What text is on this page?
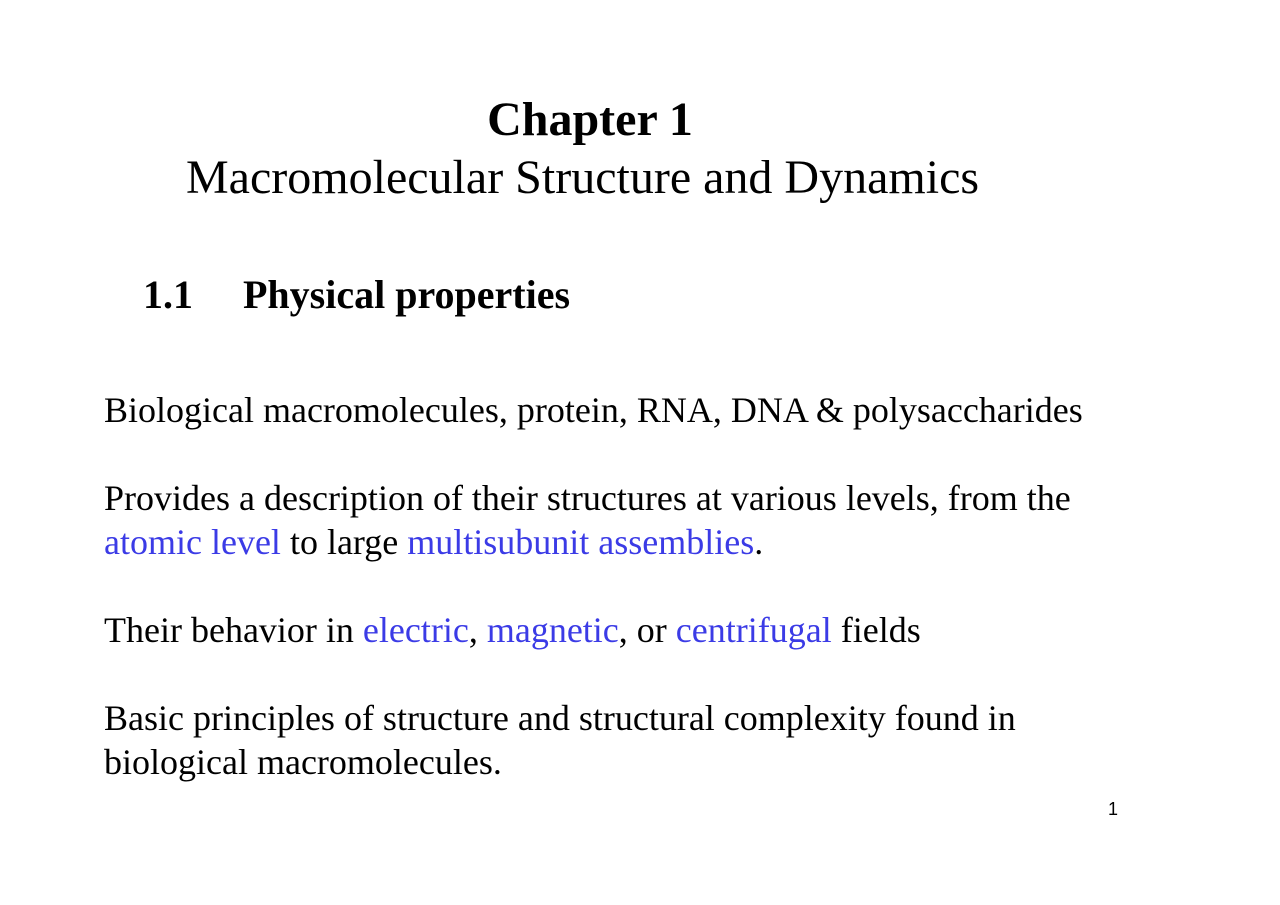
Chapter 1
Macromolecular Structure and Dynamics
1.1 Physical properties
Biological macromolecules, protein, RNA, DNA & polysaccharides
Provides a description of their structures at various levels, from the
atomic level to large multisubunit assemblies.
Their behavior in electric, magnetic, or centrifugal fields
Basic principles of structure and structural complexity found in
biological macromolecules.
1
